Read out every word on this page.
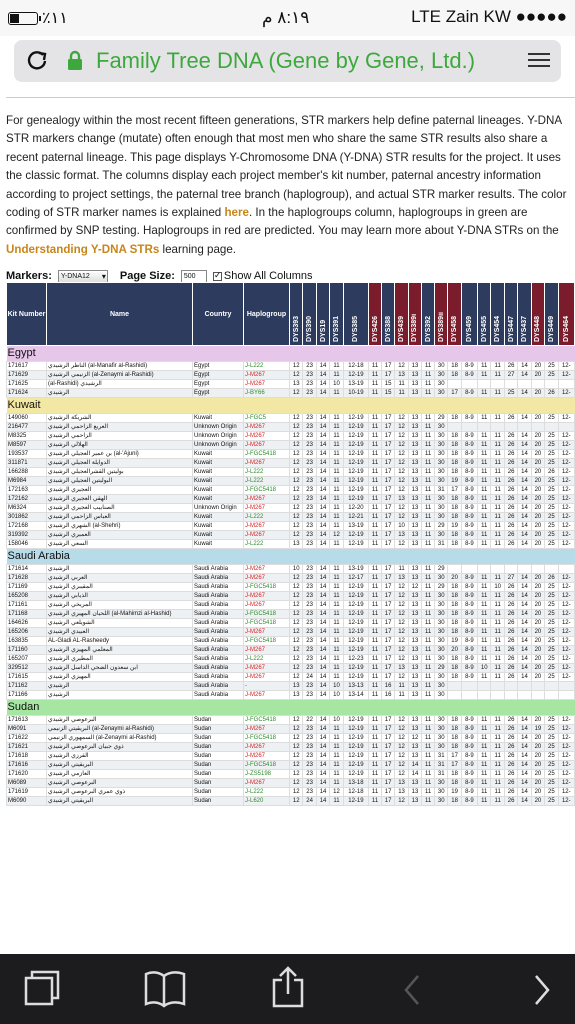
٪١١	٨:١٩ م	LTE Zain KW ●●●●●
Family Tree DNA (Gene by Gene, Ltd.)
For genealogy within the most recent fifteen generations, STR markers help define paternal lineages. Y-DNA STR markers change (mutate) often enough that most men who share the same STR results also share a recent paternal lineage. This page displays Y-Chromosome DNA (Y-DNA) STR results for the project. It uses the classic format. The columns display each project member's kit number, paternal ancestry information according to project settings, the paternal tree branch (haplogroup), and actual STR marker results. The color coding of STR marker names is explained here. In the haplogroups column, haplogroups in green are confirmed by SNP testing. Haplogroups in red are predicted. You may learn more about Y-DNA STRs on the Understanding Y-DNA STRs learning page.
Markers:	Y-DNA12 ▾	Page Size:	500 ✓	Show All Columns
Kit Number	Name	Country	Haplogroup	DYS393	DYS390	DYS19	DYS391	DYS385	DYS426	DYS388	DYS439	DYS389i	DYS392	DYS389ii	DYS458	DYS459	DYS455	DYS454	DYS447	DYS437	DYS448	DYS449	DYS464
Egypt																							
171617	الناظر الرشيدي (al-Manafir al-Rashidi)	Egypt	J-L222	12	23	14	11	12-18	11	17	12	13	11	30	18	8-9	11	11	26	14	20	25	12-
171629	الزنيمي الرشيدي (al-Zenaymi al-Rashidi)	Egypt	J-M267	12	23	14	11	12-19	11	17	13	13	11	30	18	8-9	11	11	27	14	20	25	12-
171625	(al-Rashidi) الرشيدي	Egypt	J-M267	13	23	14	10	13-19	11	15	11	13	11	30									
171624	الرشيدي	Egypt	J-BY66	12	23	14	11	10-19	11	15	11	13	11	30	17	8-9	11	11	25	14	20	26	12-
Kuwait																							
149060	الشريكة الرشيدي	Kuwait	J-FGC5	12	23	14	11	12-19	11	17	12	13	11	29	18	8-9	11	11	26	14	20	25	12-
216477	العريع الزاحمي الرشيدي	Unknown Origin	J-M267	12	23	14	11	12-19	11	17	12	13	11	30									
M8325	الزاحمي الرشيدي	Unknown Origin	J-M267	12	23	14	11	12-19	11	17	12	13	11	30	18	8-9	11	11	26	14	20	25	12-
M8597	الهلالي الرشيدي	Unknown Origin	J-M267	12	23	14	11	12-19	11	17	12	13	11	30	18	8-9	11	11	26	14	20	25	12-
193537	بن عمير العجيلي الرشيدي (al-'Ajuni)	Kuwait	J-FGC5418	12	23	14	11	12-19	11	17	12	13	11	30	18	8-9	11	11	26	14	20	25	12-
311871	الدوايلة العجيلي الرشيدي	Kuwait	J-M267	12	23	14	11	12-19	11	17	12	13	11	30	18	8-9	11	11	26	14	20	25	12-
166288	بوليتين القشرالعجيلي الرشيدي	Kuwait	J-L222	12	23	14	11	12-19	11	17	12	13	11	30	18	8-9	11	11	26	14	20	26	12-
M6984	البوليتين العجيلي الرشيدي	Kuwait	J-L222	12	23	14	11	12-19	11	17	12	13	11	30	19	8-9	11	11	26	14	20	25	12-
172163	العجيري الرشيدي	Kuwait	J-FGC5418	12	23	14	11	12-19	11	17	12	13	11	31	17	8-9	11	11	26	14	20	25	12-
172162	الهقي العجيري الرشيدي	Kuwait	J-M267	12	23	14	11	12-19	11	17	13	13	11	30	18	8-9	11	11	26	14	20	25	12-
M6324	الصنابيب العجيري الرشيدي	Unknown Origin	J-M267	12	23	14	11	12-20	11	17	12	13	11	30	18	8-9	11	11	26	14	20	25	12-
301862	العباس الزاحمي الرشيدي	Kuwait	J-L222	12	23	14	11	12-21	11	17	12	13	11	30	18	8-9	11	11	26	14	20	25	12-
172168	الشهري الرشيدي (al-Shehri)	Kuwait	J-M267	12	23	14	11	13-19	11	17	10	13	11	29	19	8-9	11	11	26	14	20	25	12-
319392	العميري الرشيدي	Kuwait	J-M267	12	23	14	12	12-19	11	17	13	13	11	30	18	8-9	11	11	26	14	20	25	12-
158046	السعي الرشيدي	Kuwait	J-L222	13	23	14	11	12-19	11	17	12	13	11	31	18	8-9	11	11	26	14	20	25	12-
Saudi Arabia																							
171614	الرشيدي	Saudi Arabia	J-M267	10	23	14	11	13-19	11	17	11	13	11	29									
171628	العربي الرشيدي	Saudi Arabia	J-M267	12	23	14	11	12-17	11	17	13	13	11	30	20	8-9	11	11	27	14	20	26	12-
171169	المقيبري الرشيدي	Saudi Arabia	J-FGC5418	12	23	14	11	12-19	11	17	12	12	11	29	18	8-9	11	10	26	14	20	25	12-
165208	الذيابي الرشيدي	Saudi Arabia	J-M267	12	23	14	11	12-19	11	17	12	13	11	30	18	8-9	11	11	26	14	20	25	12-
171161	المريخي الرشيدي	Saudi Arabia	J-M267	12	23	14	11	12-19	11	17	12	13	11	30	18	8-9	11	11	26	14	20	25	12-
171168	اللحيان المهيري الرشيدي (al-Mahimzi al-Hashid)	Saudi Arabia	J-FGC5418	12	23	14	11	12-19	11	17	12	13	11	30	18	8-9	11	11	26	14	20	25	12-
164626	الشويلعي الرشيدي	Saudi Arabia	J-FGC5418	12	23	14	11	12-19	11	17	12	13	11	30	18	8-9	11	11	26	14	20	25	12-
165206	العبيدي الرشيدي	Saudi Arabia	J-M267	12	23	14	11	12-19	11	17	12	13	11	30	18	8-9	11	11	26	14	20	25	12-
163835	AL-Gladi AL-Rasheedy	Saudi Arabia	J-FGC5418	12	23	14	11	12-19	11	17	12	13	11	30	19	8-9	11	11	26	14	20	25	12-
171160	المعلمي المهيزي الرشيدي	Saudi Arabia	J-M267	12	23	14	11	12-19	11	17	12	13	11	30	20	8-9	11	11	26	14	20	25	12-
165207	المطيري الرشيدي	Saudi Arabia	J-L222	12	23	14	11	12-23	11	17	12	13	11	30	18	8-9	11	11	26	14	20	25	12-
329512	ابن سعدون الضحي الداسل الرشيدي	Saudi Arabia	J-M267	12	23	14	11	12-19	11	17	13	13	11	29	18	8-9	10	11	26	14	20	25	12-
171615	المهيزي الرشيدي	Saudi Arabia	J-M267	12	24	14	11	12-19	11	17	12	13	11	30	18	8-9	11	11	26	14	20	25	12-
171162	الرشيدي	Saudi Arabia	-	13	23	14	10	13-13	11	16	11	13	11	30									
171166	الرشيدي	Saudi Arabia	J-M267	13	23	14	10	13-14	11	16	11	13	11	30									
Sudan																							
171613	البرعوصي الرشيدي	Sudan	J-FGC5418	12	22	14	10	12-19	11	17	12	13	11	30	18	8-9	11	11	26	14	20	25	12-
M6091	البريقيتي الزنيمي (al-Zenaymi al-Rashidi)	Sudan	J-M267	12	23	14	11	12-19	11	17	12	13	11	30	18	8-9	11	11	26	14	19	25	12-
171622	السمهوري الزنيمي (al-Zenaymi al-Rashid)	Sudan	J-FGC5418	12	23	14	11	12-19	11	17	12	12	11	30	18	8-9	11	11	26	14	20	25	12-
171621	ذوي جبيان البرعوصي الرشيدي	Sudan	J-M267	12	23	14	11	12-19	11	17	12	13	11	30	18	8-9	11	11	26	14	20	25	12-
171618	القرزي الرشيدي	Sudan	J-M267	12	23	14	11	12-19	11	17	12	13	11	31	17	8-9	11	11	26	14	20	25	12-
171616	البريقيتي الرشيدي	Sudan	J-FGC5418	12	23	14	11	12-19	11	17	12	14	11	31	17	8-9	11	11	26	14	20	25	12-
171620	العازمي الرشيدي	Sudan	J-ZS5198	12	23	14	11	12-19	11	17	12	14	11	31	18	8-9	11	11	26	14	20	25	12-
M6089	البرعوصي الرشيدي	Sudan	J-M267	12	23	14	11	13-18	11	17	13	13	11	30	18	8-9	11	11	26	14	20	25	12-
171619	ذوي عمري البرعوصي الرشيدي	Sudan	J-L222	12	23	14	12	12-18	11	17	13	13	11	30	19	8-9	11	11	26	14	20	25	12-
M6090	البريقيتي الرشيدي	Sudan	J-L620	12	24	14	11	12-19	11	17	12	13	11	30	18	8-9	11	11	26	14	20	25	12-
